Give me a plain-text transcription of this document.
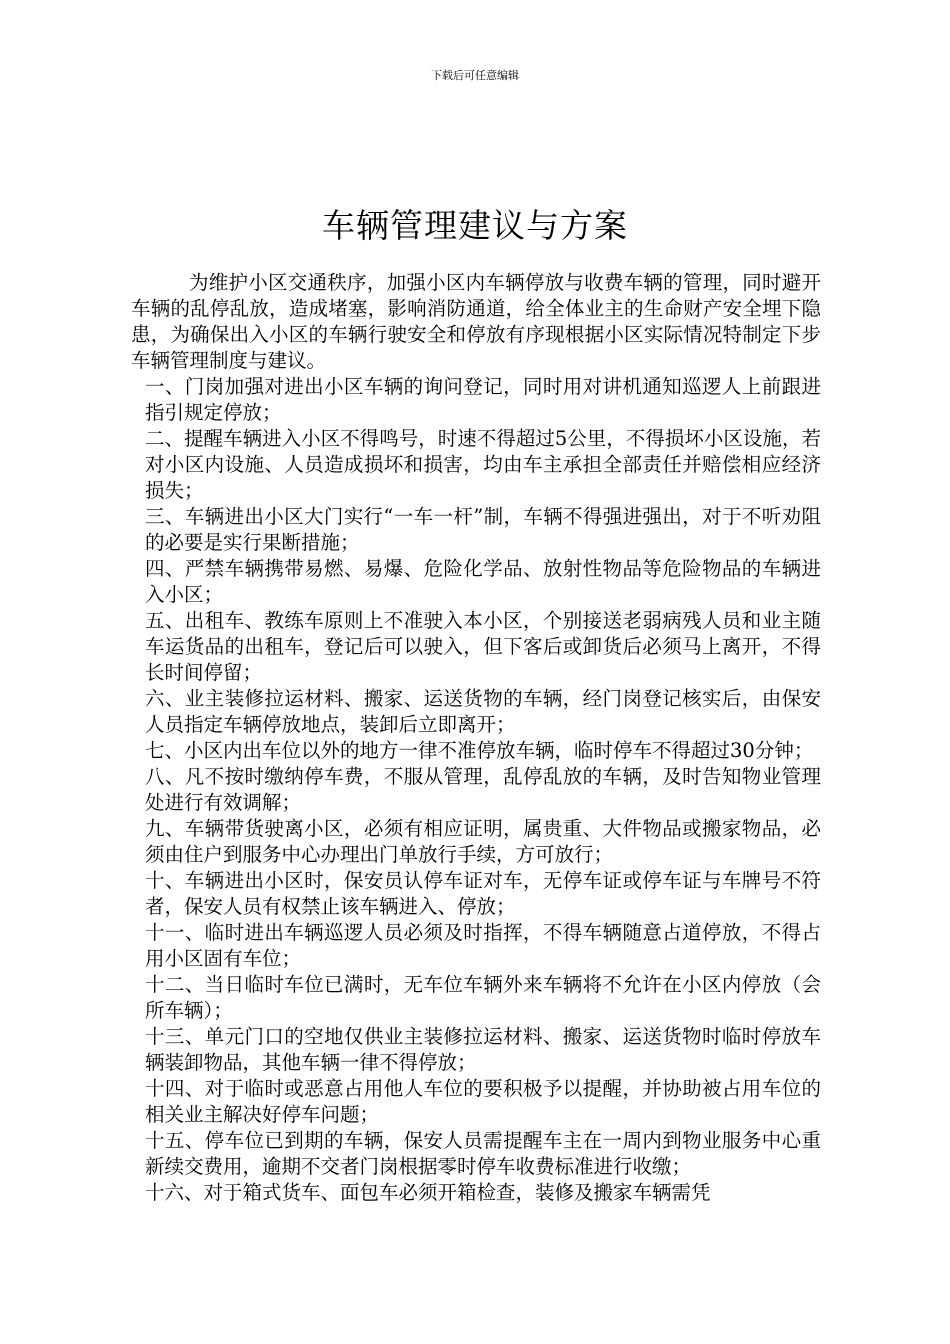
下载后可任意编辑
车辆管理建议与方案

为维护小区交通秩序，加强小区内车辆停放与收费车辆的管理，同时避开车辆的乱停乱放，造成堵塞，影响消防通道，给全体业主的生命财产安全埋下隐患，为确保出入小区的车辆行驶安全和停放有序现根据小区实际情况特制定下步车辆管理制度与建议。

一、门岗加强对进出小区车辆的询问登记，同时用对讲机通知巡逻人上前跟进指引规定停放；
二、提醒车辆进入小区不得鸣号，时速不得超过5公里，不得损坏小区设施，若对小区内设施、人员造成损坏和损害，均由车主承担全部责任并赔偿相应经济损失；
三、车辆进出小区大门实行“一车一杆”制，车辆不得强进强出，对于不听劝阻的必要是实行果断措施；
四、严禁车辆携带易燃、易爆、危险化学品、放射性物品等危险物品的车辆进入小区；
五、出租车、教练车原则上不准驶入本小区，个别接送老弱病残人员和业主随车运货品的出租车，登记后可以驶入，但下客后或卸货后必须马上离开，不得长时间停留；
六、业主装修拉运材料、搬家、运送货物的车辆，经门岗登记核实后，由保安人员指定车辆停放地点，装卸后立即离开；
七、小区内出车位以外的地方一律不准停放车辆，临时停车不得超过30分钟；
八、凡不按时缴纳停车费，不服从管理，乱停乱放的车辆，及时告知物业管理处进行有效调解；
九、车辆带货驶离小区，必须有相应证明，属贵重、大件物品或搬家物品，必须由住户到服务中心办理出门单放行手续，方可放行；
十、车辆进出小区时，保安员认停车证对车，无停车证或停车证与车牌号不符者，保安人员有权禁止该车辆进入、停放；
十一、临时进出车辆巡逻人员必须及时指挥，不得车辆随意占道停放，不得占用小区固有车位；
十二、当日临时车位已满时，无车位车辆外来车辆将不允许在小区内停放（会所车辆）；
十三、单元门口的空地仅供业主装修拉运材料、搬家、运送货物时临时停放车辆装卸物品，其他车辆一律不得停放；
十四、对于临时或恶意占用他人车位的要积极予以提醒，并协助被占用车位的相关业主解决好停车问题；
十五、停车位已到期的车辆，保安人员需提醒车主在一周内到物业服务中心重新续交费用，逾期不交者门岗根据零时停车收费标准进行收缴；
十六、对于箱式货车、面包车必须开箱检查，装修及搬家车辆需凭
